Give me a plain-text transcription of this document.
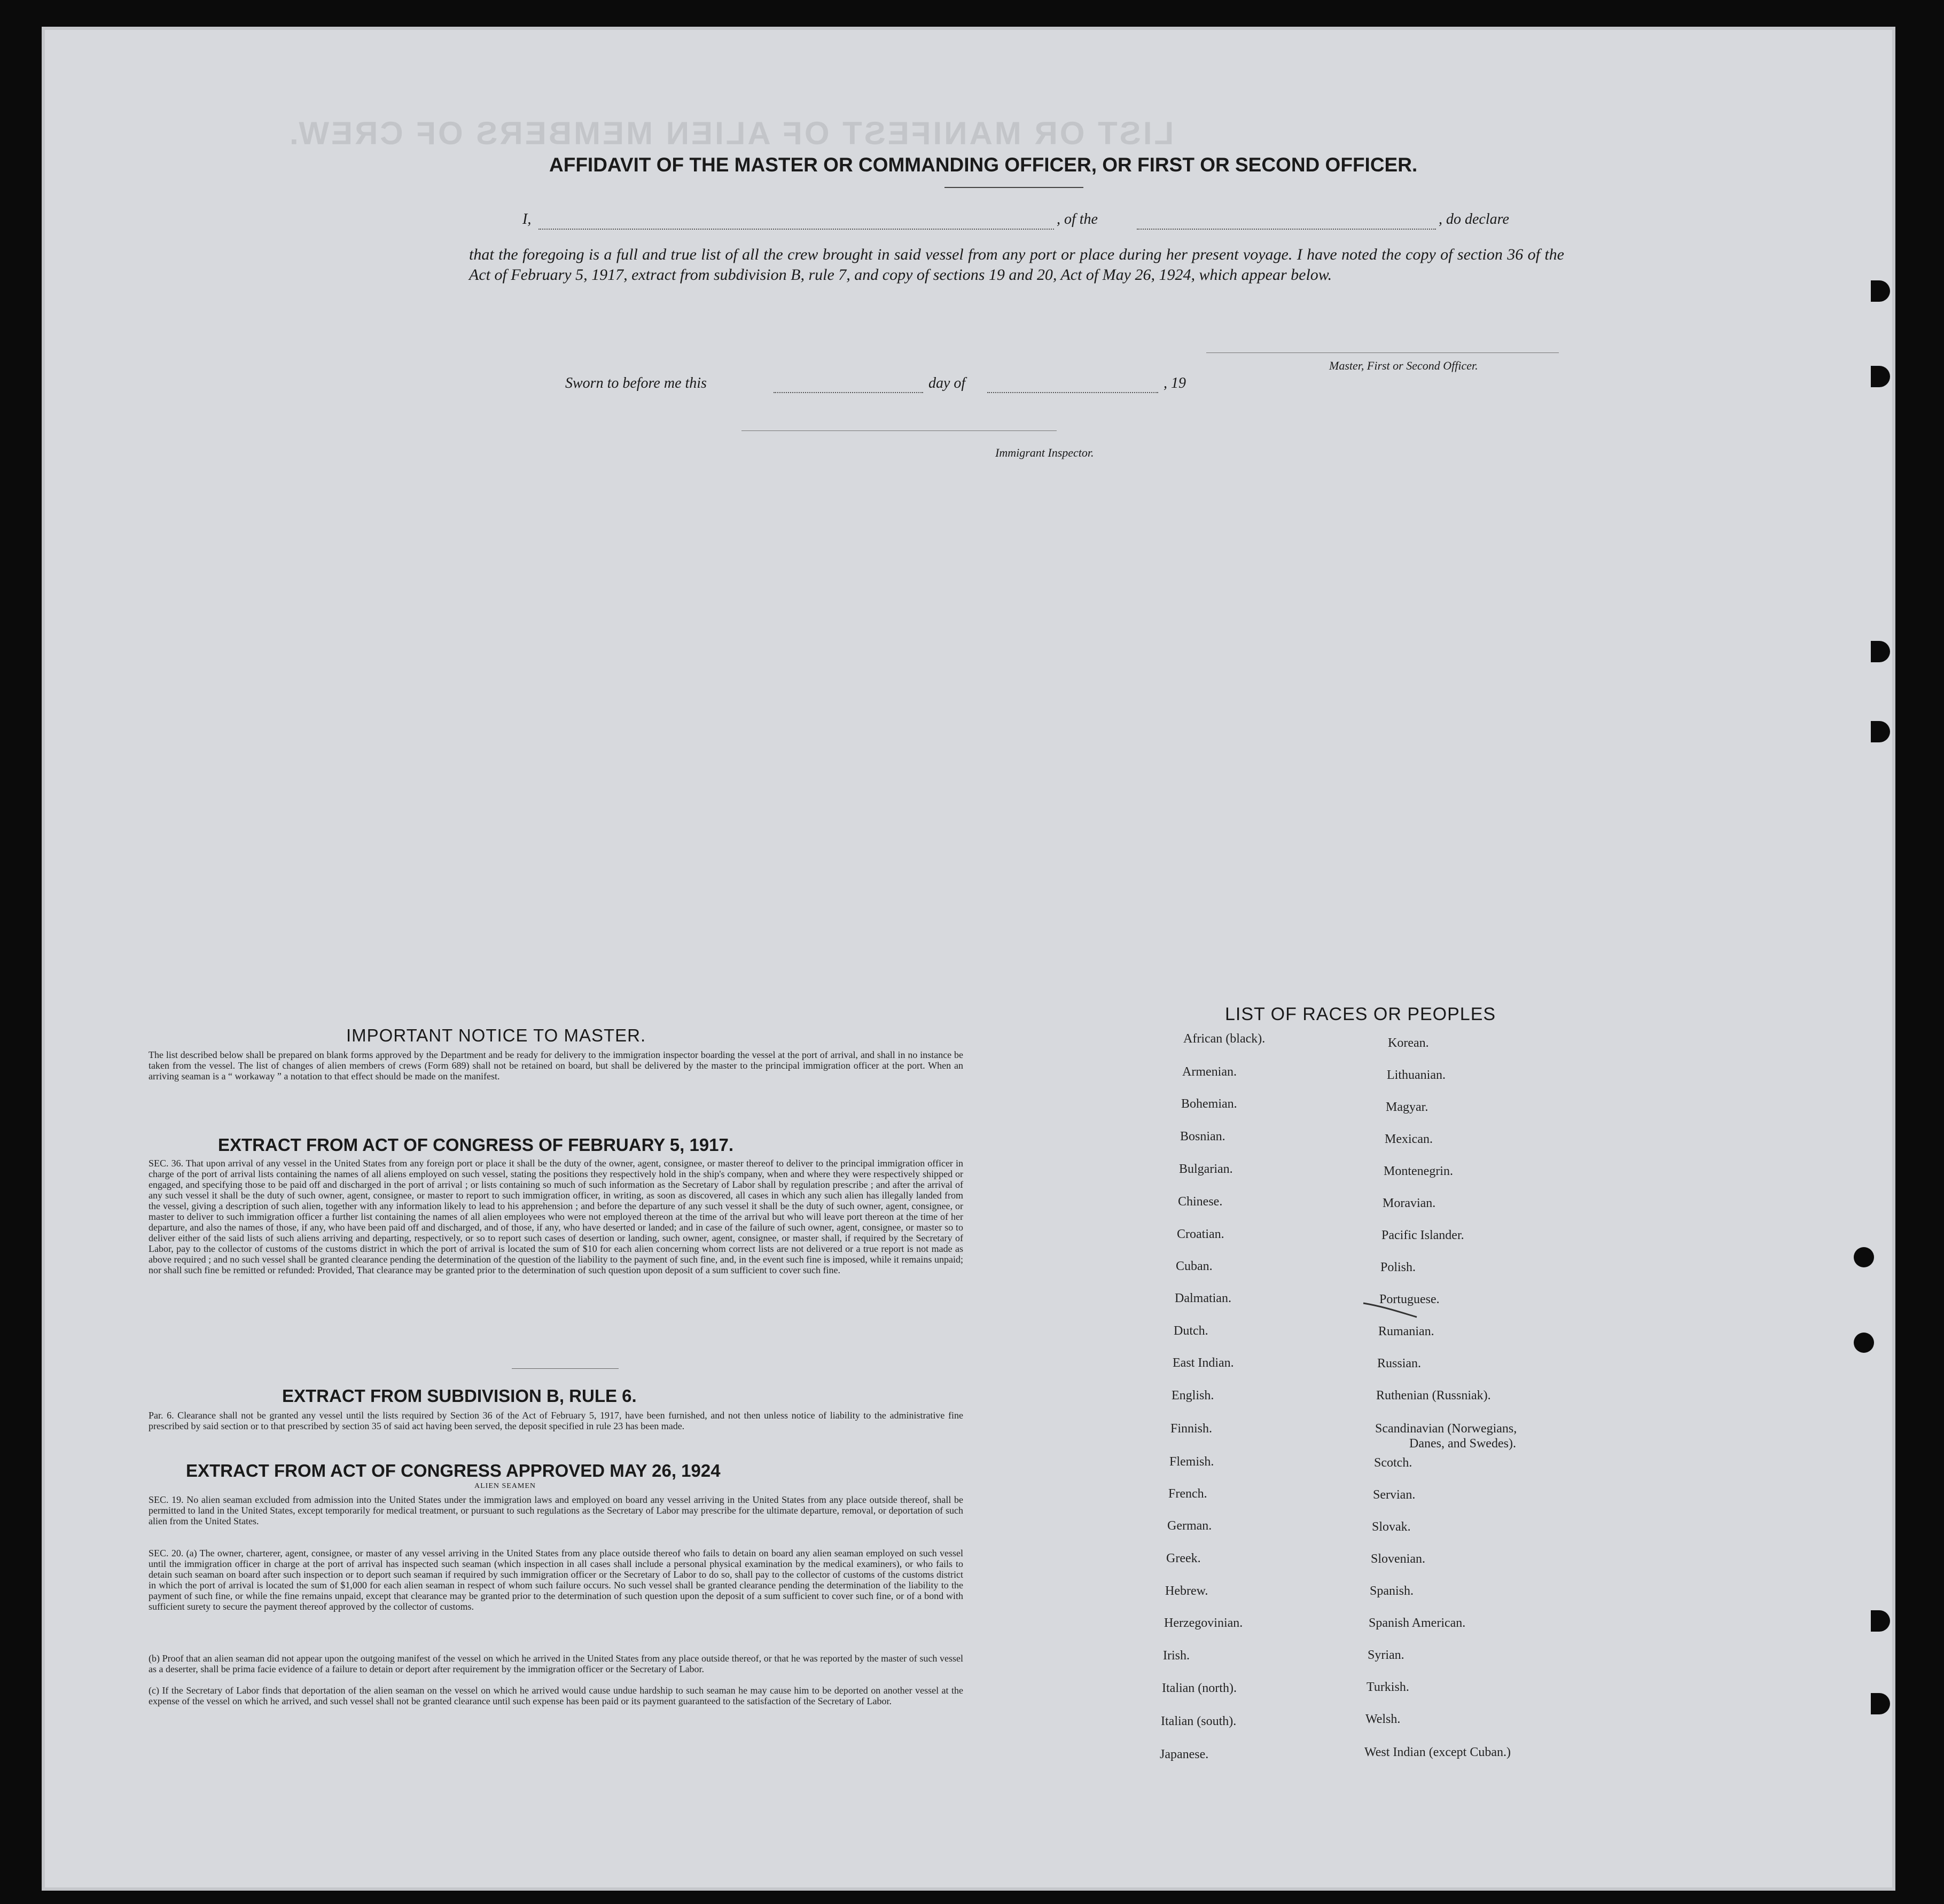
LIST OR MANIFEST OF ALIEN MEMBERS OF CREW.
AFFIDAVIT OF THE MASTER OR COMMANDING OFFICER, OR FIRST OR SECOND OFFICER.
I,	, of the	, do declare
that the foregoing is a full and true list of all the crew brought in said vessel from any port or place during her present voyage. I have noted the copy of section 36 of the Act of February 5, 1917, extract from subdivision B, rule 7, and copy of sections 19 and 20, Act of May 26, 1924, which appear below.
Master, First or Second Officer.
Sworn to before me this	day of	, 19
Immigrant Inspector.
IMPORTANT NOTICE TO MASTER.
The list described below shall be prepared on blank forms approved by the Department and be ready for delivery to the immigration inspector boarding the vessel at the port of arrival, and shall in no instance be taken from the vessel. The list of changes of alien members of crews (Form 689) shall not be retained on board, but shall be delivered by the master to the principal immigration officer at the port. When an arriving seaman is a “ workaway ” a notation to that effect should be made on the manifest.
EXTRACT FROM ACT OF CONGRESS OF FEBRUARY 5, 1917.
SEC. 36. That upon arrival of any vessel in the United States from any foreign port or place it shall be the duty of the owner, agent, consignee, or master thereof to deliver to the principal immigration officer in charge of the port of arrival lists containing the names of all aliens employed on such vessel, stating the positions they respectively hold in the ship's company, when and where they were respectively shipped or engaged, and specifying those to be paid off and discharged in the port of arrival ; or lists containing so much of such information as the Secretary of Labor shall by regulation prescribe ; and after the arrival of any such vessel it shall be the duty of such owner, agent, consignee, or master to report to such immigration officer, in writing, as soon as discovered, all cases in which any such alien has illegally landed from the vessel, giving a description of such alien, together with any information likely to lead to his apprehension ; and before the departure of any such vessel it shall be the duty of such owner, agent, consignee, or master to deliver to such immigration officer a further list containing the names of all alien employees who were not employed thereon at the time of the arrival but who will leave port thereon at the time of her departure, and also the names of those, if any, who have been paid off and discharged, and of those, if any, who have deserted or landed; and in case of the failure of such owner, agent, consignee, or master so to deliver either of the said lists of such aliens arriving and departing, respectively, or so to report such cases of desertion or landing, such owner, agent, consignee, or master shall, if required by the Secretary of Labor, pay to the collector of customs of the customs district in which the port of arrival is located the sum of $10 for each alien concerning whom correct lists are not delivered or a true report is not made as above required ; and no such vessel shall be granted clearance pending the determination of the question of the liability to the payment of such fine, and, in the event such fine is imposed, while it remains unpaid; nor shall such fine be remitted or refunded: Provided, That clearance may be granted prior to the determination of such question upon deposit of a sum sufficient to cover such fine.
EXTRACT FROM SUBDIVISION B, RULE 6.
Par. 6. Clearance shall not be granted any vessel until the lists required by Section 36 of the Act of February 5, 1917, have been furnished, and not then unless notice of liability to the administrative fine prescribed by said section or to that prescribed by section 35 of said act having been served, the deposit specified in rule 23 has been made.
EXTRACT FROM ACT OF CONGRESS APPROVED MAY 26, 1924
ALIEN SEAMEN
SEC. 19. No alien seaman excluded from admission into the United States under the immigration laws and employed on board any vessel arriving in the United States from any place outside thereof, shall be permitted to land in the United States, except temporarily for medical treatment, or pursuant to such regulations as the Secretary of Labor may prescribe for the ultimate departure, removal, or deportation of such alien from the United States.
SEC. 20. (a) The owner, charterer, agent, consignee, or master of any vessel arriving in the United States from any place outside thereof who fails to detain on board any alien seaman employed on such vessel until the immigration officer in charge at the port of arrival has inspected such seaman (which inspection in all cases shall include a personal physical examination by the medical examiners), or who fails to detain such seaman on board after such inspection or to deport such seaman if required by such immigration officer or the Secretary of Labor to do so, shall pay to the collector of customs of the customs district in which the port of arrival is located the sum of $1,000 for each alien seaman in respect of whom such failure occurs. No such vessel shall be granted clearance pending the determination of the liability to the payment of such fine, or while the fine remains unpaid, except that clearance may be granted prior to the determination of such question upon the deposit of a sum sufficient to cover such fine, or of a bond with sufficient surety to secure the payment thereof approved by the collector of customs.
(b) Proof that an alien seaman did not appear upon the outgoing manifest of the vessel on which he arrived in the United States from any place outside thereof, or that he was reported by the master of such vessel as a deserter, shall be prima facie evidence of a failure to detain or deport after requirement by the immigration officer or the Secretary of Labor.
(c) If the Secretary of Labor finds that deportation of the alien seaman on the vessel on which he arrived would cause undue hardship to such seaman he may cause him to be deported on another vessel at the expense of the vessel on which he arrived, and such vessel shall not be granted clearance until such expense has been paid or its payment guaranteed to the satisfaction of the Secretary of Labor.
LIST OF RACES OR PEOPLES
African (black).
Armenian.
Bohemian.
Bosnian.
Bulgarian.
Chinese.
Croatian.
Cuban.
Dalmatian.
Dutch.
East Indian.
English.
Finnish.
Flemish.
French.
German.
Greek.
Hebrew.
Herzegovinian.
Irish.
Italian (north).
Italian (south).
Japanese.
Korean.
Lithuanian.
Magyar.
Mexican.
Montenegrin.
Moravian.
Pacific Islander.
Polish.
Portuguese.
Rumanian.
Russian.
Ruthenian (Russniak).
Scandinavian (Norwegians,
Danes, and Swedes).
Scotch.
Servian.
Slovak.
Slovenian.
Spanish.
Spanish American.
Syrian.
Turkish.
Welsh.
West Indian (except Cuban.)
